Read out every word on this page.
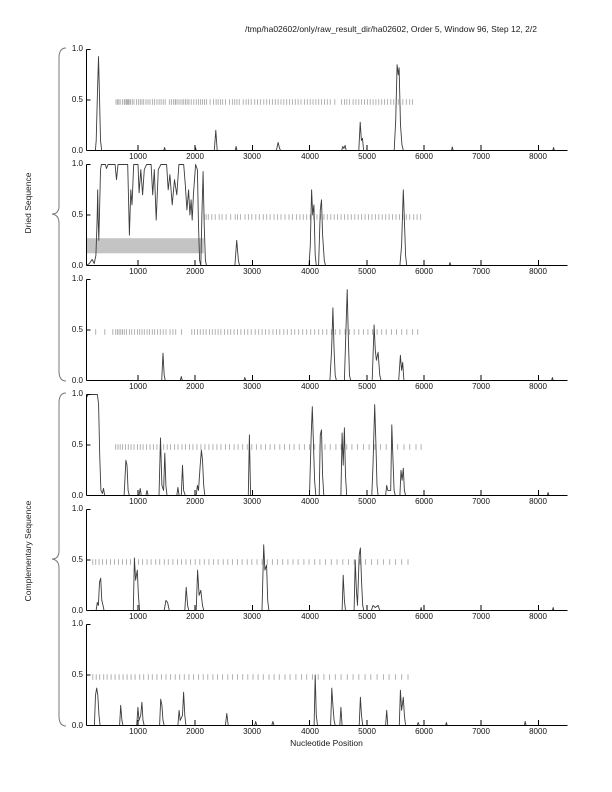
/tmp/ha02602/only/raw_result_dir/ha02602, Order 5, Window 96, Step 12, 2/2
Dried Sequence
Complementary Sequence
1000	2000	3000	4000	5000	6000	7000	8000
1.0
0.5
0.0
1000	2000	3000	4000	5000	6000	7000	8000
1.0
0.5
0.0
1000	2000	3000	4000	5000	6000	7000	8000
1.0
0.5
0.0
1000	2000	3000	4000	5000	6000	7000	8000
1.0
0.5
0.0
1000	2000	3000	4000	5000	6000	7000	8000
1.0
0.5
0.0
1000	2000	3000	4000	5000	6000	7000	8000
1.0
0.5
0.0
Nucleotide Position
